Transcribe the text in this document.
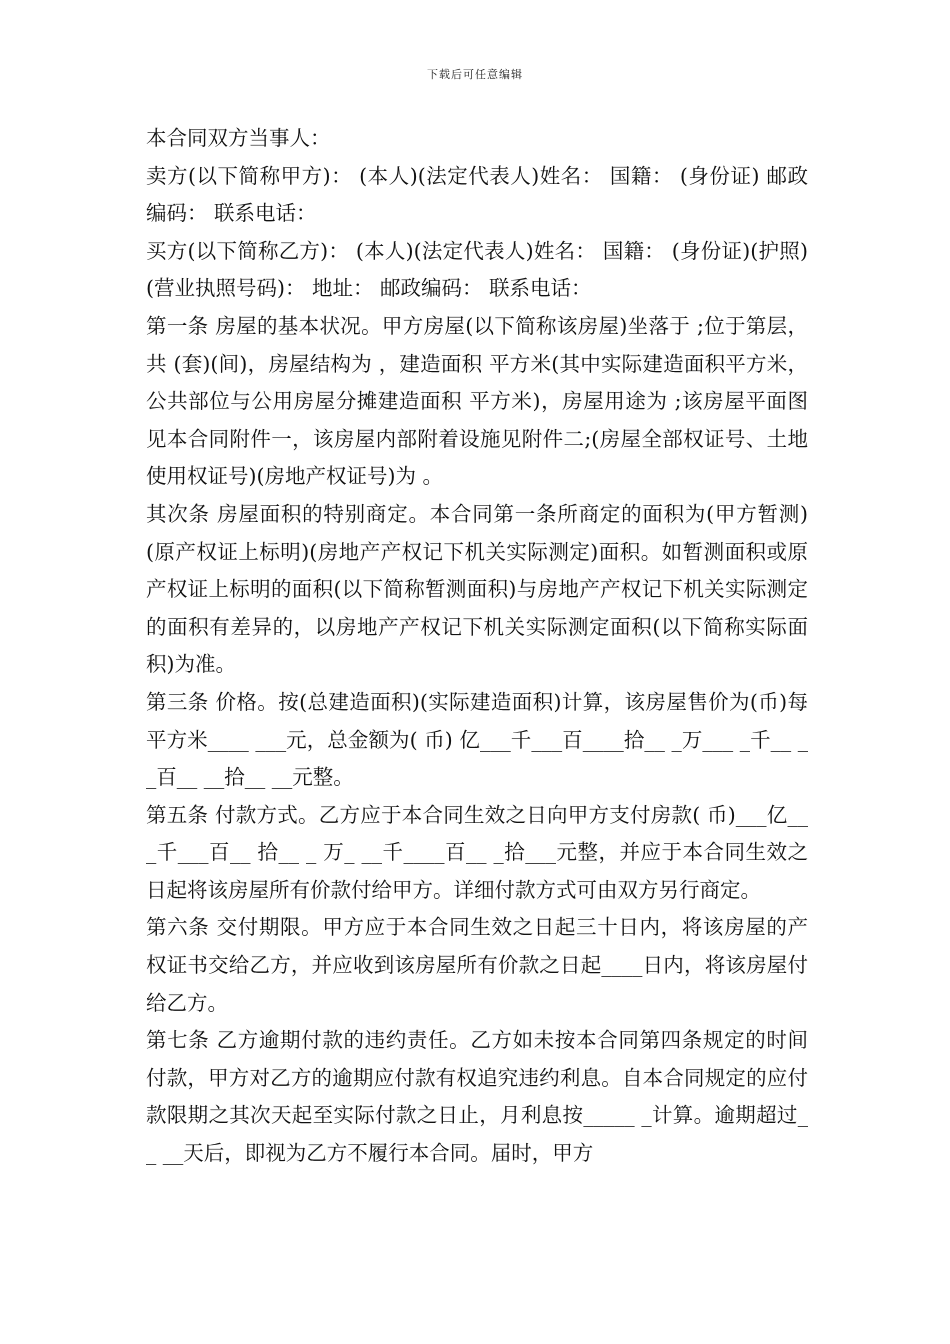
下载后可任意编辑

本合同双方当事人：

卖方(以下简称甲方)： (本人)(法定代表人)姓名： 国籍： (身份证) 邮政编码： 联系电话：

买方(以下简称乙方)： (本人)(法定代表人)姓名： 国籍： (身份证)(护照)(营业执照号码)： 地址： 邮政编码： 联系电话：

第一条 房屋的基本状况。甲方房屋(以下简称该房屋)坐落于 ;位于第层，共 (套)(间)，房屋结构为 ，建造面积 平方米(其中实际建造面积平方米，公共部位与公用房屋分摊建造面积 平方米)，房屋用途为 ;该房屋平面图见本合同附件一，该房屋内部附着设施见附件二;(房屋全部权证号、土地使用权证号)(房地产权证号)为 。

其次条 房屋面积的特别商定。本合同第一条所商定的面积为(甲方暂测)(原产权证上标明)(房地产产权记下机关实际测定)面积。如暂测面积或原产权证上标明的面积(以下简称暂测面积)与房地产产权记下机关实际测定的面积有差异的，以房地产产权记下机关实际测定面积(以下简称实际面积)为准。

第三条 价格。按(总建造面积)(实际建造面积)计算，该房屋售价为(币)每平方米____ ___元，总金额为( 币) 亿___千___百____拾__ _万___ _千__ __百__ __拾__ __元整。

第五条 付款方式。乙方应于本合同生效之日向甲方支付房款( 币)___亿___千___百__ 拾__ _ 万_ __千____百__ _拾___元整，并应于本合同生效之日起将该房屋所有价款付给甲方。详细付款方式可由双方另行商定。

第六条 交付期限。甲方应于本合同生效之日起三十日内，将该房屋的产权证书交给乙方，并应收到该房屋所有价款之日起____日内，将该房屋付给乙方。

第七条 乙方逾期付款的违约责任。乙方如未按本合同第四条规定的时间付款，甲方对乙方的逾期应付款有权追究违约利息。自本合同规定的应付款限期之其次天起至实际付款之日止，月利息按_____ _计算。逾期超过__ __天后，即视为乙方不履行本合同。届时，甲方
